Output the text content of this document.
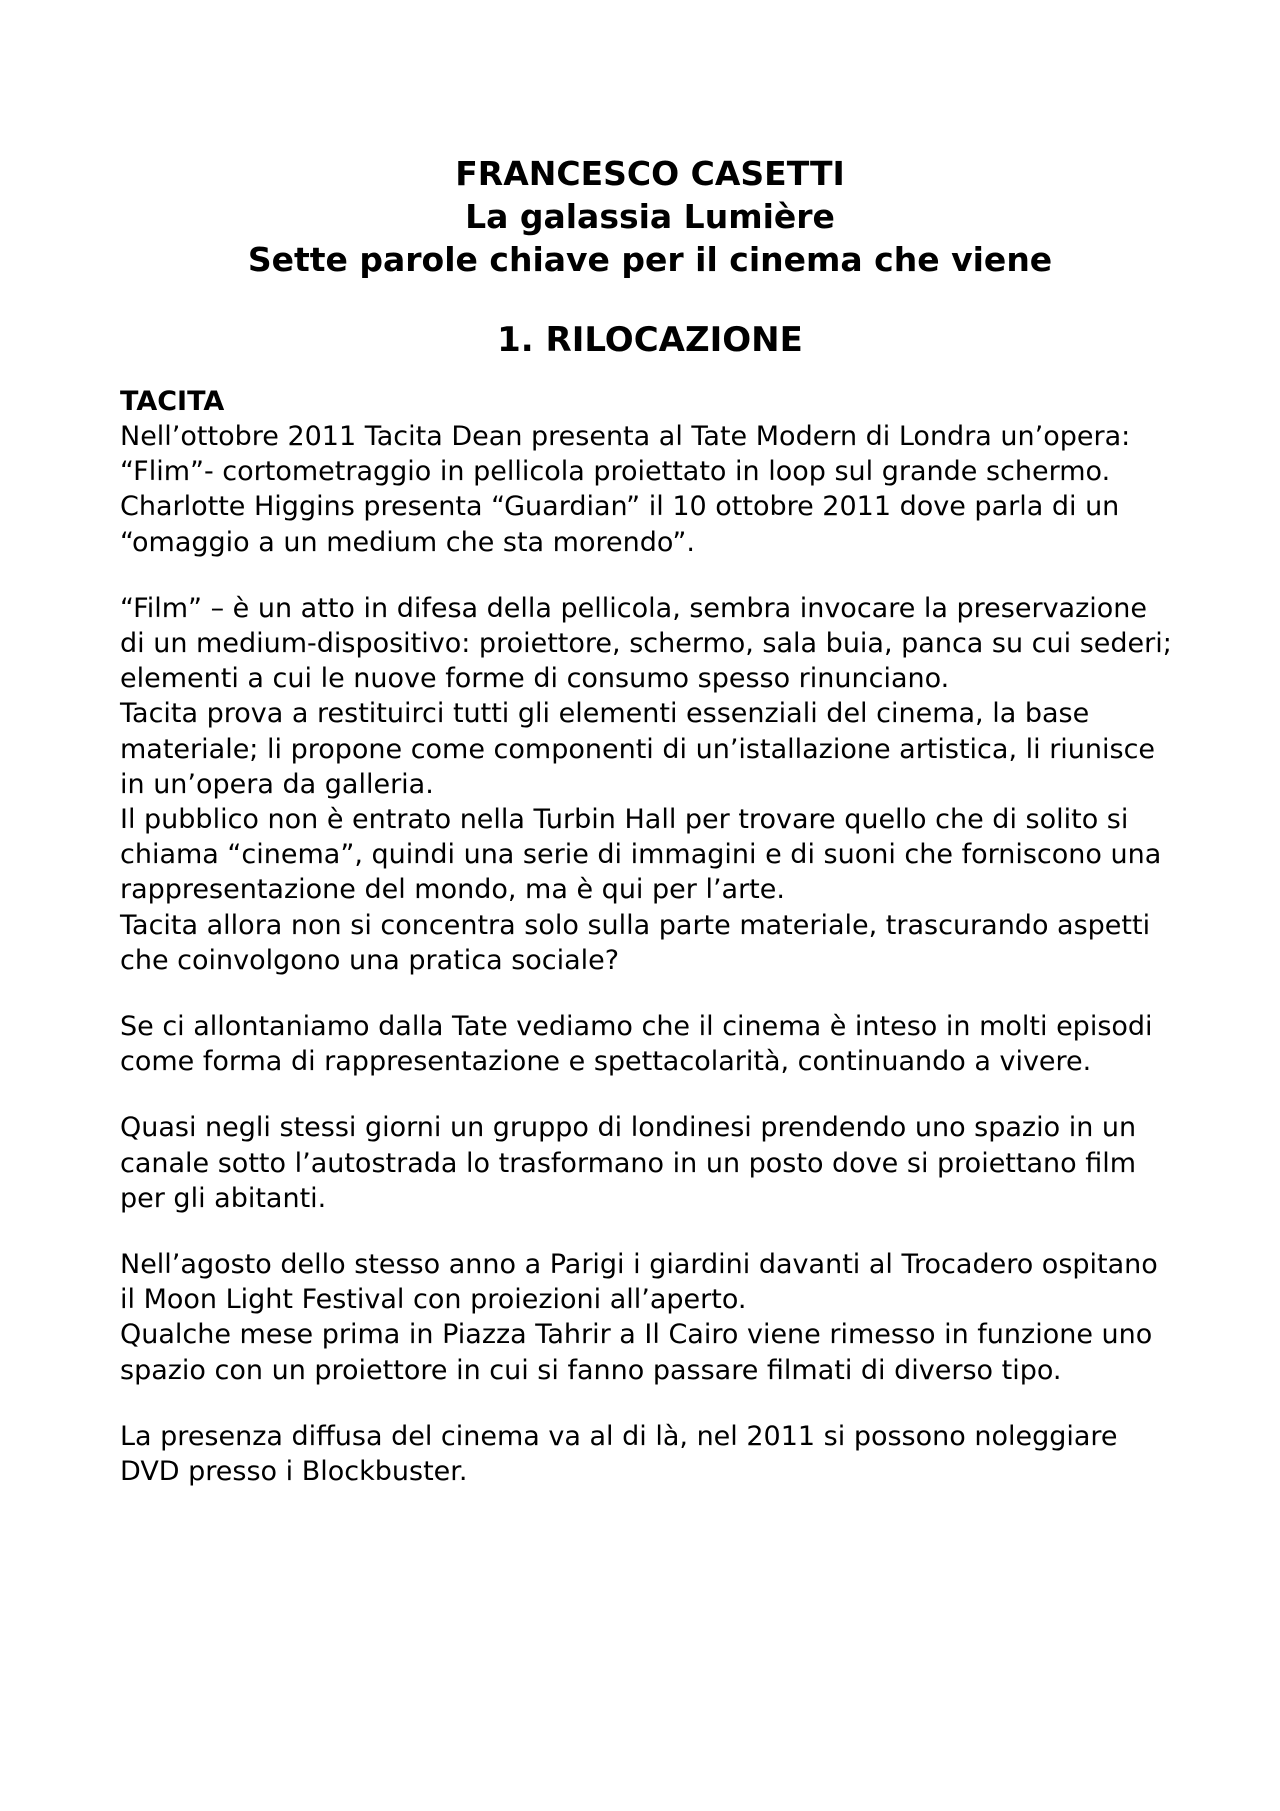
FRANCESCO CASETTI
La galassia Lumière
Sette parole chiave per il cinema che viene
1. RILOCAZIONE
TACITA

Nell’ottobre 2011 Tacita Dean presenta al Tate Modern di Londra un’opera: “Flim”- cortometraggio in pellicola proiettato in loop sul grande schermo.

Charlotte Higgins presenta “Guardian” il 10 ottobre 2011 dove parla di un “omaggio a un medium che sta morendo”.

“Film” – è un atto in difesa della pellicola, sembra invocare la preservazione di un medium-dispositivo: proiettore, schermo, sala buia, panca su cui sederi; elementi a cui le nuove forme di consumo spesso rinunciano.

Tacita prova a restituirci tutti gli elementi essenziali del cinema, la base materiale; li propone come componenti di un’istallazione artistica, li riunisce in un’opera da galleria.

Il pubblico non è entrato nella Turbin Hall per trovare quello che di solito si chiama “cinema”, quindi una serie di immagini e di suoni che forniscono una rappresentazione del mondo, ma è qui per l’arte.

Tacita allora non si concentra solo sulla parte materiale, trascurando aspetti che coinvolgono una pratica sociale?

Se ci allontaniamo dalla Tate vediamo che il cinema è inteso in molti episodi come forma di rappresentazione e spettacolarità, continuando a vivere.

Quasi negli stessi giorni un gruppo di londinesi prendendo uno spazio in un canale sotto l’autostrada lo trasformano in un posto dove si proiettano film per gli abitanti.

Nell’agosto dello stesso anno a Parigi i giardini davanti al Trocadero ospitano il Moon Light Festival con proiezioni all’aperto.

Qualche mese prima in Piazza Tahrir a Il Cairo viene rimesso in funzione uno spazio con un proiettore in cui si fanno passare filmati di diverso tipo.

La presenza diffusa del cinema va al di là, nel 2011 si possono noleggiare DVD presso i Blockbuster.
